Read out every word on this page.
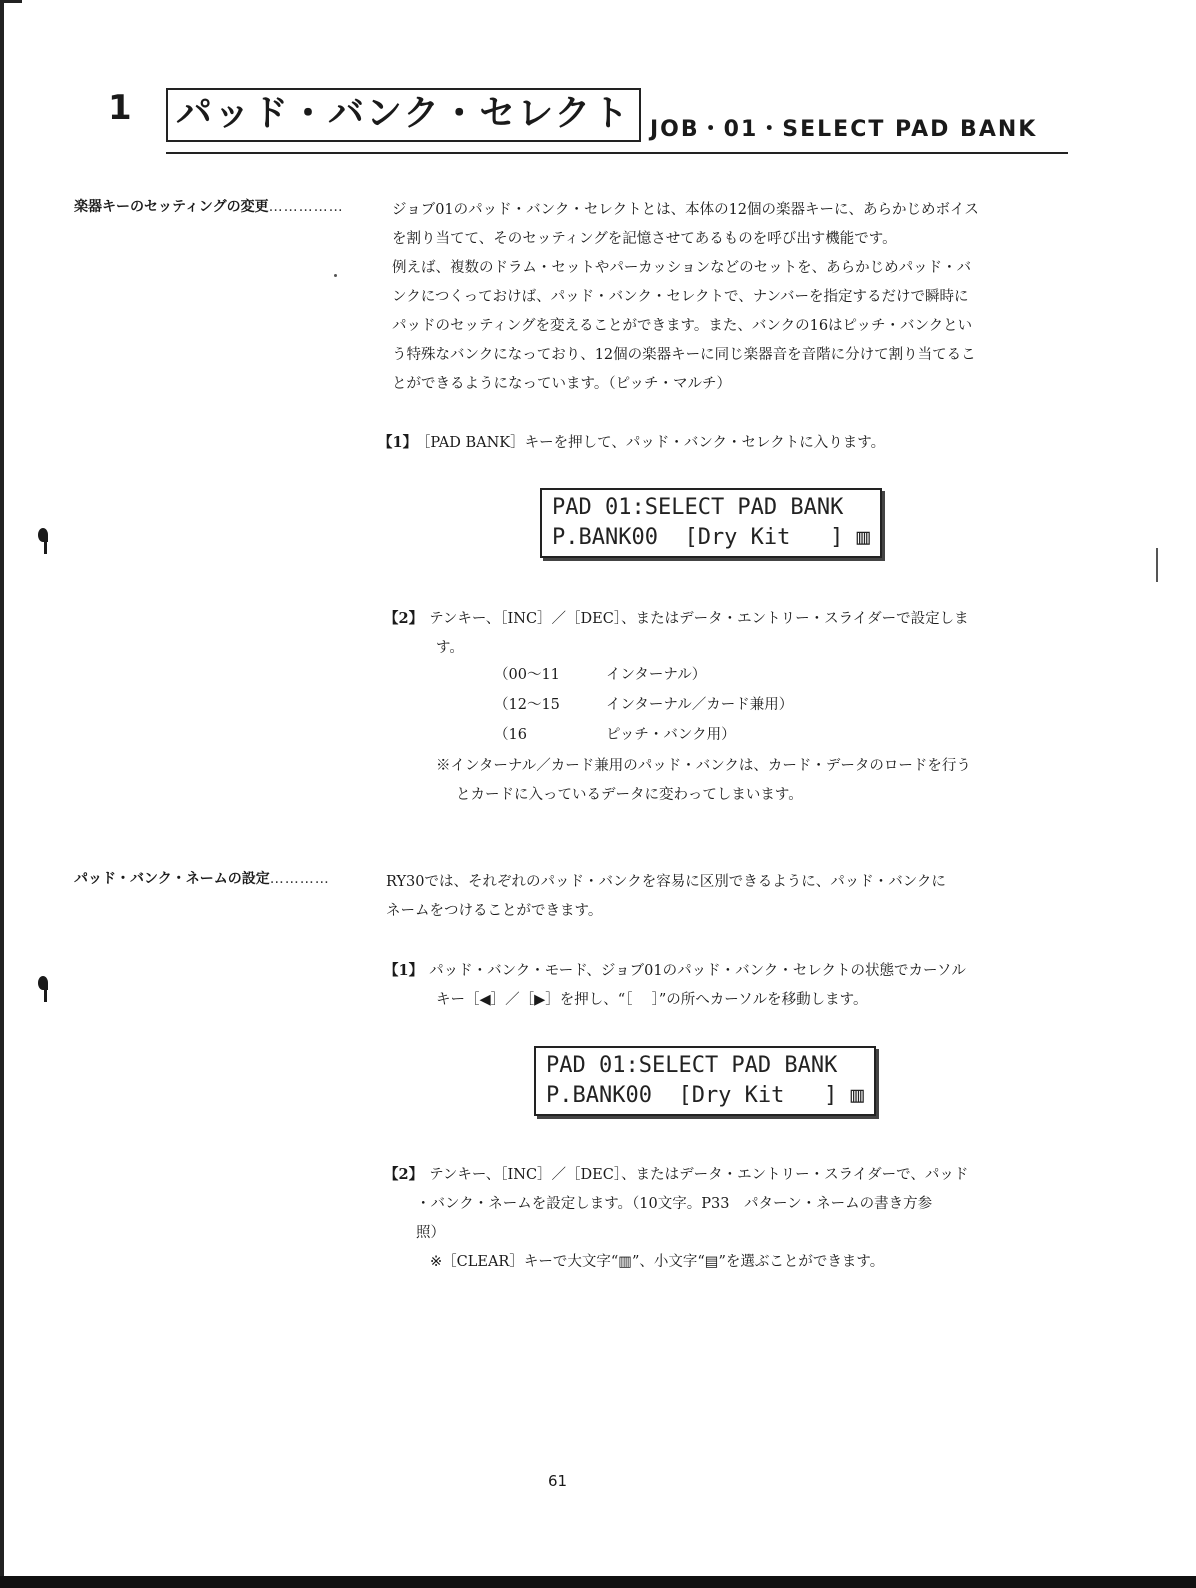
1 パッド・バンク・セレクト JOB・01・SELECT PAD BANK
楽器キーのセッティングの変更……………	ジョブ01のパッド・バンク・セレクトとは、本体の12個の楽器キーに、あらかじめボイス

を割り当てて、そのセッティングを記憶させてあるものを呼び出す機能です。

例えば、複数のドラム・セットやパーカッションなどのセットを、あらかじめパッド・バ

ンクにつくっておけば、パッド・バンク・セレクトで、ナンバーを指定するだけで瞬時に

パッドのセッティングを変えることができます。また、バンクの16はピッチ・バンクとい

う特殊なバンクになっており、12個の楽器キーに同じ楽器音を音階に分けて割り当てるこ

とができるようになっています。（ピッチ・マルチ）

【1】 ［PAD BANK］キーを押して、パッド・バンク・セレクトに入ります。
PAD 01:SELECT PAD BANK
P.BANK00  [Dry Kit   ] ▥
【2】 テンキー、［INC］／［DEC］、またはデータ・エントリー・スライダーで設定しま
す。
（00〜11	インターナル）
（12〜15	インターナル／カード兼用）
（16	ピッチ・バンク用）

※インターナル／カード兼用のパッド・バンクは、カード・データのロードを行う

とカードに入っているデータに変わってしまいます。

パッド・バンク・ネームの設定…………	RY30では、それぞれのパッド・バンクを容易に区別できるように、パッド・バンクに

ネームをつけることができます。

【1】 パッド・バンク・モード、ジョブ01のパッド・バンク・セレクトの状態でカーソル
キー［◀］／［▶］を押し、“［　 ］”の所へカーソルを移動します。
PAD 01:SELECT PAD BANK
P.BANK00  [Dry Kit   ] ▥
【2】 テンキー、［INC］／［DEC］、またはデータ・エントリー・スライダーで、パッド
・バンク・ネームを設定します。（10文字。P33　パターン・ネームの書き方参
照）
※［CLEAR］キーで大文字“▥”、小文字“▤”を選ぶことができます。
61
